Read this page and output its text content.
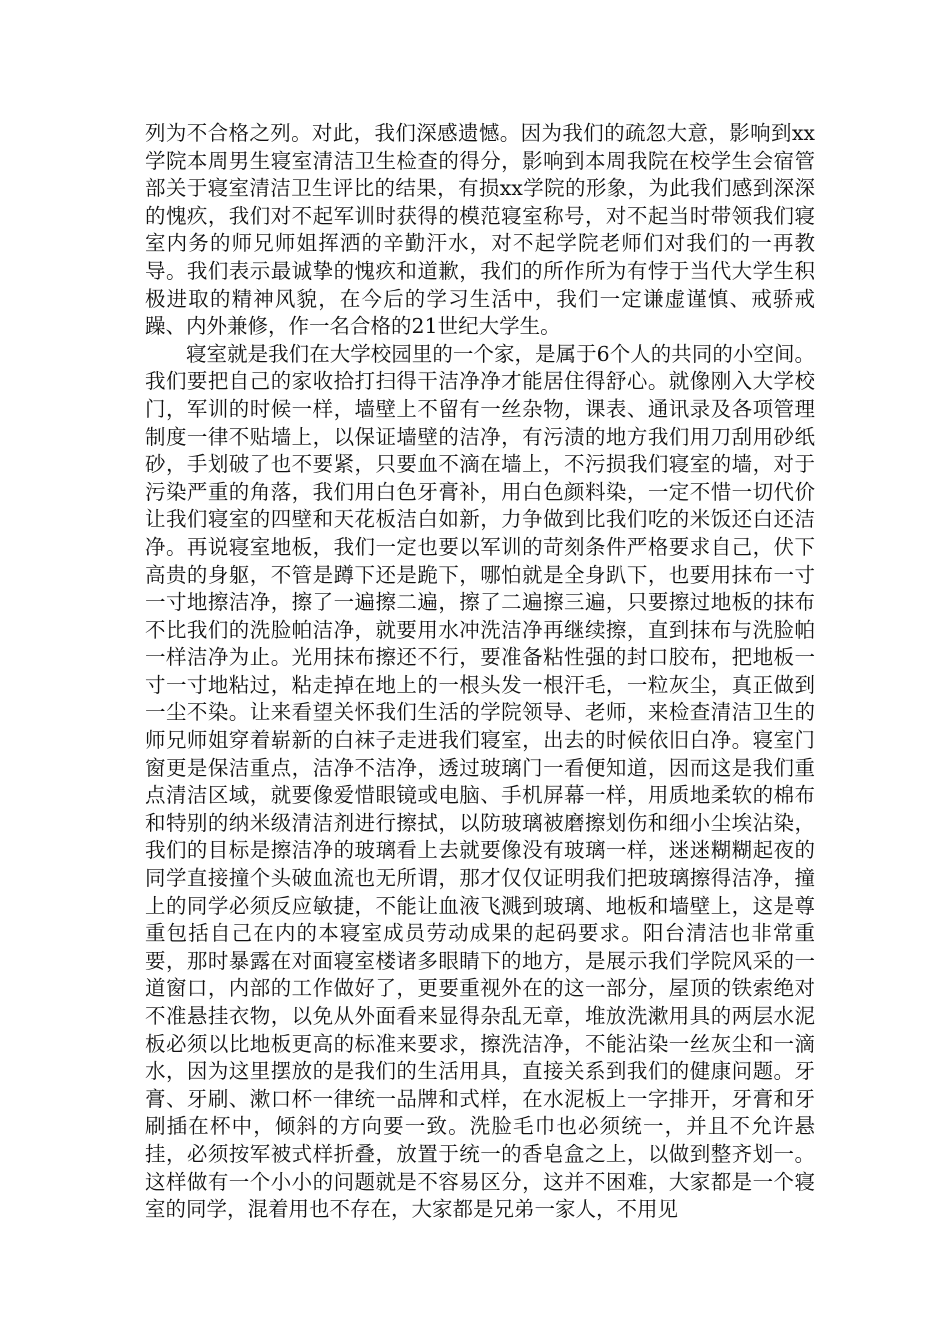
列为不合格之列。对此，我们深感遗憾。因为我们的疏忽大意，影响到xx学院本周男生寝室清洁卫生检查的得分，影响到本周我院在校学生会宿管部关于寝室清洁卫生评比的结果，有损xx学院的形象，为此我们感到深深的愧疚，我们对不起军训时获得的模范寝室称号，对不起当时带领我们寝室内务的师兄师姐挥洒的辛勤汗水，对不起学院老师们对我们的一再教导。我们表示最诚挚的愧疚和道歉，我们的所作所为有悖于当代大学生积极进取的精神风貌，在今后的学习生活中，我们一定谦虚谨慎、戒骄戒躁、内外兼修，作一名合格的21世纪大学生。

寝室就是我们在大学校园里的一个家，是属于6个人的共同的小空间。我们要把自己的家收拾打扫得干洁净净才能居住得舒心。就像刚入大学校门，军训的时候一样，墙壁上不留有一丝杂物，课表、通讯录及各项管理制度一律不贴墙上，以保证墙壁的洁净，有污渍的地方我们用刀刮用砂纸砂，手划破了也不要紧，只要血不滴在墙上，不污损我们寝室的墙，对于污染严重的角落，我们用白色牙膏补，用白色颜料染，一定不惜一切代价让我们寝室的四壁和天花板洁白如新，力争做到比我们吃的米饭还白还洁净。再说寝室地板，我们一定也要以军训的苛刻条件严格要求自己，伏下高贵的身躯，不管是蹲下还是跪下，哪怕就是全身趴下，也要用抹布一寸一寸地擦洁净，擦了一遍擦二遍，擦了二遍擦三遍，只要擦过地板的抹布不比我们的洗脸帕洁净，就要用水冲洗洁净再继续擦，直到抹布与洗脸帕一样洁净为止。光用抹布擦还不行，要准备粘性强的封口胶布，把地板一寸一寸地粘过，粘走掉在地上的一根头发一根汗毛，一粒灰尘，真正做到一尘不染。让来看望关怀我们生活的学院领导、老师，来检查清洁卫生的师兄师姐穿着崭新的白袜子走进我们寝室，出去的时候依旧白净。寝室门窗更是保洁重点，洁净不洁净，透过玻璃门一看便知道，因而这是我们重点清洁区域，就要像爱惜眼镜或电脑、手机屏幕一样，用质地柔软的棉布和特别的纳米级清洁剂进行擦拭，以防玻璃被磨擦划伤和细小尘埃沾染，我们的目标是擦洁净的玻璃看上去就要像没有玻璃一样，迷迷糊糊起夜的同学直接撞个头破血流也无所谓，那才仅仅证明我们把玻璃擦得洁净，撞上的同学必须反应敏捷，不能让血液飞溅到玻璃、地板和墙壁上，这是尊重包括自己在内的本寝室成员劳动成果的起码要求。阳台清洁也非常重要，那时暴露在对面寝室楼诸多眼睛下的地方，是展示我们学院风采的一道窗口，内部的工作做好了，更要重视外在的这一部分，屋顶的铁索绝对不准悬挂衣物，以免从外面看来显得杂乱无章，堆放洗漱用具的两层水泥板必须以比地板更高的标准来要求，擦洗洁净，不能沾染一丝灰尘和一滴水，因为这里摆放的是我们的生活用具，直接关系到我们的健康问题。牙膏、牙刷、漱口杯一律统一品牌和式样，在水泥板上一字排开，牙膏和牙刷插在杯中，倾斜的方向要一致。洗脸毛巾也必须统一，并且不允许悬挂，必须按军被式样折叠，放置于统一的香皂盒之上，以做到整齐划一。这样做有一个小小的问题就是不容易区分，这并不困难，大家都是一个寝室的同学，混着用也不存在，大家都是兄弟一家人，不用见
